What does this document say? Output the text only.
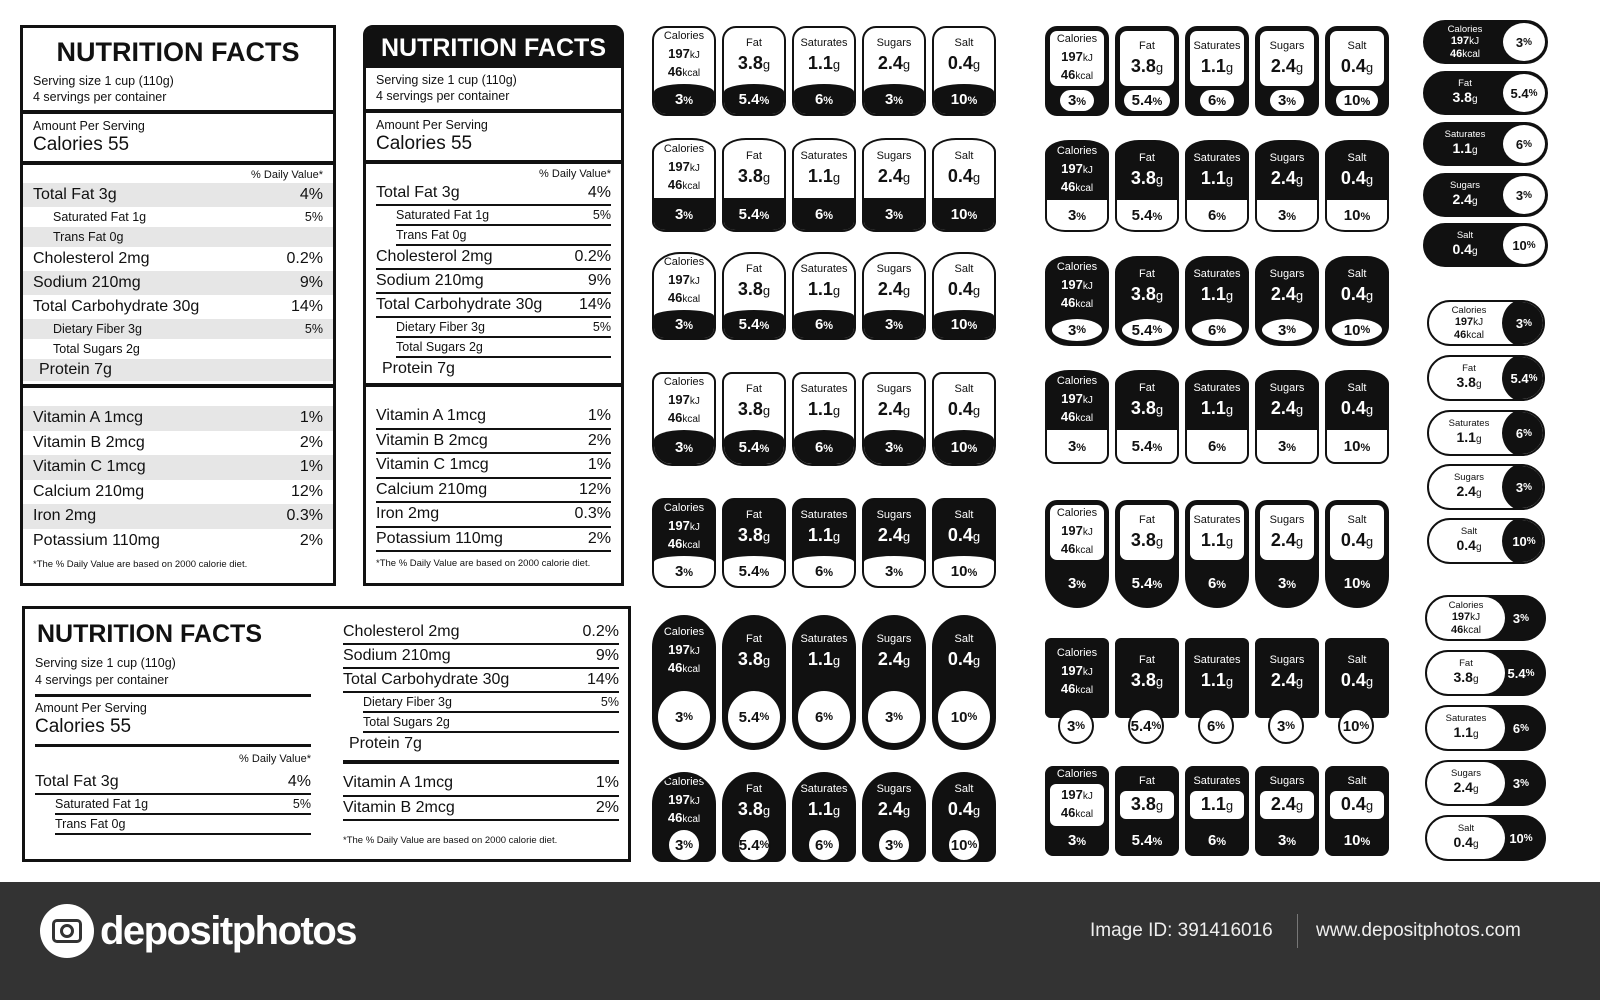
NUTRITION FACTS
Serving size 1 cup (110g)
4 servings per container
Amount Per Serving
Calories 55
% Daily Value*
Total Fat 3g	4%
Saturated Fat 1g	5%
Trans Fat 0g
Cholesterol 2mg	0.2%
Sodium 210mg	9%
Total Carbohydrate 30g	14%
Dietary Fiber 3g	5%
Total Sugars 2g
Protein 7g
Vitamin A 1mcg	1%
Vitamin B 2mcg	2%
Vitamin C 1mcg	1%
Calcium 210mg	12%
Iron 2mg	0.3%
Potassium 110mg	2%
*The % Daily Value are based on 2000 calorie diet.
NUTRITION FACTS
Serving size 1 cup (110g)
4 servings per container
Amount Per Serving
Calories 55
% Daily Value*
Total Fat 3g	4%
Saturated Fat 1g	5%
Trans Fat 0g
Cholesterol 2mg	0.2%
Sodium 210mg	9%
Total Carbohydrate 30g 14%
Dietary Fiber 3g	5%
Total Sugars 2g
Protein 7g
Vitamin A 1mcg	1%
Vitamin B 2mcg	2%
Vitamin C 1mcg	1%
Calcium 210mg	12%
Iron 2mg	0.3%
Potassium 110mg	2%
*The % Daily Value are based on 2000 calorie diet.
NUTRITION FACTS
Serving size 1 cup (110g)
4 servings per container
Amount Per Serving
Calories 55
% Daily Value*
Total Fat 3g	4%
Saturated Fat 1g	5%
Trans Fat 0g
Cholesterol 2mg	0.2%
Sodium 210mg	9%
Total Carbohydrate 30g	14%
Dietary Fiber 3g	5%
Total Sugars 2g
Protein 7g
Vitamin A 1mcg	1%
Vitamin B 2mcg	2%
*The % Daily Value are based on 2000 calorie diet.
Calories
197kJ
46kcal
3%
Fat
3.8g
5.4%
Saturates
1.1g
6%
Sugars
2.4g
3%
Salt
0.4g
10%
Calories
197kJ
46kcal
3%
Fat
3.8g
5.4%
Saturates
1.1g
6%
Sugars
2.4g
3%
Salt
0.4g
10%
Calories
197kJ
46kcal
3%
Fat
3.8g
5.4%
Saturates
1.1g
6%
Sugars
2.4g
3%
Salt
0.4g
10%
Calories
197kJ
46kcal
3%
Fat
3.8g
5.4%
Saturates
1.1g
6%
Sugars
2.4g
3%
Salt
0.4g
10%
Calories
197kJ
46kcal
3%
Fat
3.8g
5.4%
Saturates
1.1g
6%
Sugars
2.4g
3%
Salt
0.4g
10%
Calories
197kJ
46kcal
3 %
Fat
3.8g
5.4 %
Saturates
1.1g
6 %
Sugars
2.4g
3 %
Salt
0.4g
10 %
Calories
197kJ
46kcal
3 %
Fat
3.8g
5.4 %
Saturates
1.1g
6 %
Sugars
2.4g
3 %
Salt
0.4g
10 %
Calories
197kJ
46kcal
3%
Fat
3.8g
5.4%
Saturates
1.1g
6%
Sugars
2.4g
3%
Salt
0.4g
10%
Calories
197kJ
46kcal
3%
Fat
3.8g
5.4%
Saturates
1.1g
6%
Sugars
2.4g
3%
Salt
0.4g
10%
Calories
197kJ
46kcal
3 %
Fat
3.8g
5.4 %
Saturates
1.1g
6 %
Sugars
2.4g
3 %
Salt
0.4g
10 %
Calories
197kJ
46kcal
3%
Fat
3.8g
5.4%
Saturates
1.1g
6%
Sugars
2.4g
3%
Salt
0.4g
10%
Calories
197kJ
46kcal
3%
Fat
3.8g
5.4%
Saturates
1.1g
6%
Sugars
2.4g
3%
Salt
0.4g
10%
Calories
197kJ
46kcal
3 %
Fat
3.8g
5.4 %
Saturates
1.1g
6 %
Sugars
2.4g
3 %
Salt
0.4g
10 %
Calories
197kJ
46kcal
3%
Fat
3.8g
5.4%
Saturates
1.1g
6%
Sugars
2.4g
3%
Salt
0.4g
10%
Calories
197kJ
46kcal
3 %
Fat
3.8g	5.4 %
Saturates
1.1g	6 %
Sugars
2.4g	3 %
Salt
0.4g	10 %
Calories
197kJ
46kcal
3 %
Fat
3.8g 5.4 %
Saturates
1.1g	6 %
Sugars
2.4g	3 %
Salt
0.4g 10 %
Calories
197kJ
46kcal
3 %
Fat
3.8g 5.4 %
Saturates
1.1g	6 %
Sugars
2.4g	3 %
Salt
0.4g 10 %
depositphotos	Image ID: 391416016 www.depositphotos.com
